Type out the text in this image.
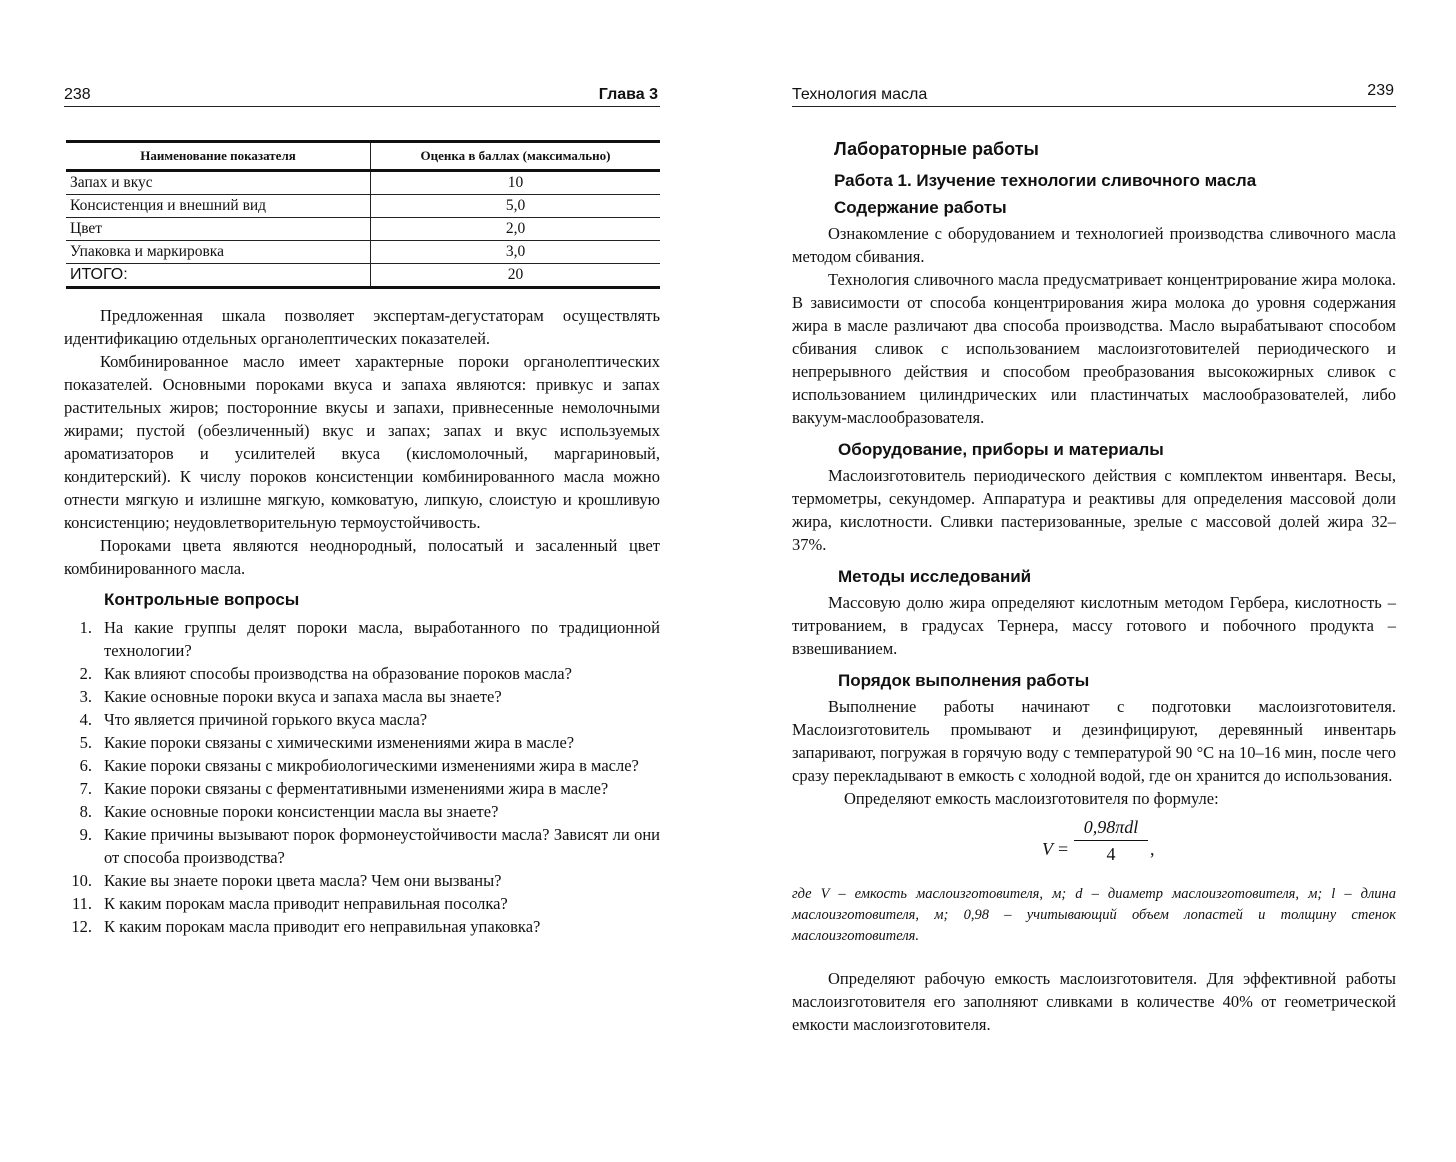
238	Глава 3
Наименование показателя	Оценка в баллах (максимально)
Запах и вкус	10
Консистенция и внешний вид	5,0
Цвет	2,0
Упаковка и маркировка	3,0
ИТОГО:	20

Предложенная шкала позволяет экспертам-дегустаторам осуществлять идентификацию отдельных органолептических показателей.

Комбинированное масло имеет характерные пороки органолептических показателей. Основными пороками вкуса и запаха являются: привкус и запах растительных жиров; посторонние вкусы и запахи, привнесенные немолочными жирами; пустой (обезличенный) вкус и запах; запах и вкус используемых ароматизаторов и усилителей вкуса (кисломолочный, маргариновый, кондитерский). К числу пороков консистенции комбинированного масла можно отнести мягкую и излишне мягкую, комковатую, липкую, слоистую и крошливую консистенцию; неудовлетворительную термоустойчивость.

Пороками цвета являются неоднородный, полосатый и засаленный цвет комбинированного масла.

Контрольные вопросы
1. На какие группы делят пороки масла, выработанного по традиционной технологии?
2. Как влияют способы производства на образование пороков масла?
3. Какие основные пороки вкуса и запаха масла вы знаете?
4. Что является причиной горького вкуса масла?
5. Какие пороки связаны с химическими изменениями жира в масле?
6. Какие пороки связаны с микробиологическими изменениями жира в масле?
7. Какие пороки связаны с ферментативными изменениями жира в масле?
8. Какие основные пороки консистенции масла вы знаете?
9. Какие причины вызывают порок формонеустойчивости масла? Зависят ли они от способа производства?
10. Какие вы знаете пороки цвета масла? Чем они вызваны?
11. К каким порокам масла приводит неправильная посолка?
12. К каким порокам масла приводит его неправильная упаковка?
Технология масла	239
Лабораторные работы
Работа 1. Изучение технологии сливочного масла
Содержание работы

Ознакомление с оборудованием и технологией производства сливочного масла методом сбивания.

Технология сливочного масла предусматривает концентрирование жира молока. В зависимости от способа концентрирования жира молока до уровня содержания жира в масле различают два способа производства. Масло вырабатывают способом сбивания сливок с использованием маслоизготовителей периодического и непрерывного действия и способом преобразования высокожирных сливок с использованием цилиндрических или пластинчатых маслообразователей, либо вакуум-маслообразователя.

Оборудование, приборы и материалы

Маслоизготовитель периодического действия с комплектом инвентаря. Весы, термометры, секундомер. Аппаратура и реактивы для определения массовой доли жира, кислотности. Сливки пастеризованные, зрелые с массовой долей жира 32–37%.

Методы исследований

Массовую долю жира определяют кислотным методом Гербера, кислотность – титрованием, в градусах Тернера, массу готового и побочного продукта – взвешиванием.

Порядок выполнения работы

Выполнение работы начинают с подготовки маслоизготовителя. Маслоизготовитель промывают и дезинфицируют, деревянный инвентарь запаривают, погружая в горячую воду с температурой 90 °С на 10–16 мин, после чего сразу перекладывают в емкость с холодной водой, где он хранится до использования.

Определяют емкость маслоизготовителя по формуле:

V =
0,98πdl
4	,

где V – емкость маслоизготовителя, м; d – диаметр маслоизготовителя, м; l – длина маслоизготовителя, м; 0,98 – учитывающий объем лопастей и толщину стенок маслоизготовителя.

Определяют рабочую емкость маслоизготовителя. Для эффективной работы маслоизготовителя его заполняют сливками в количестве 40% от геометрической емкости маслоизготовителя.
